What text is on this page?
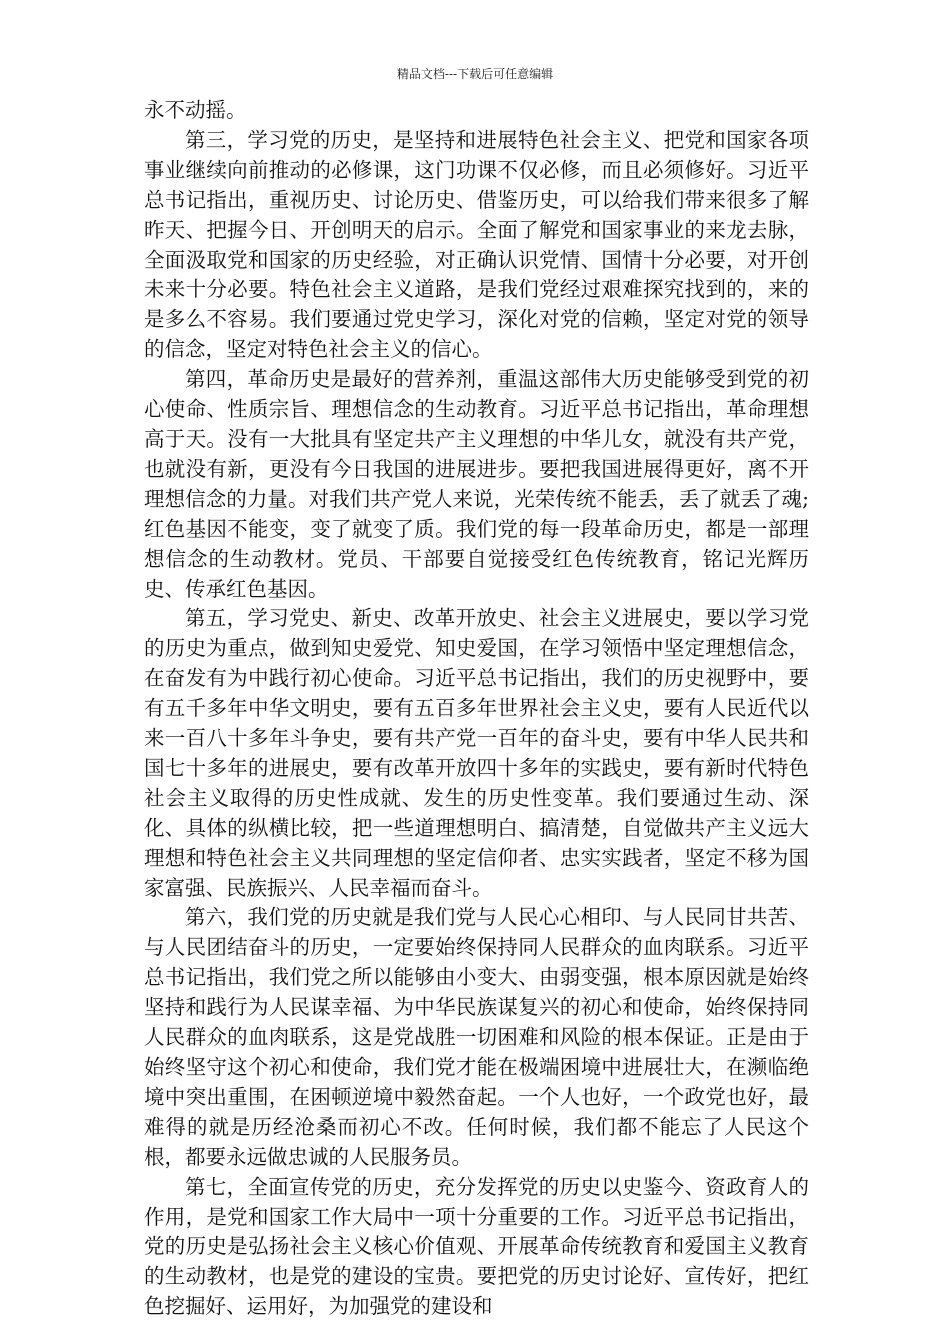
精品文档---下载后可任意编辑

永不动摇。

第三，学习党的历史，是坚持和进展特色社会主义、把党和国家各项事业继续向前推动的必修课，这门功课不仅必修，而且必须修好。习近平总书记指出，重视历史、讨论历史、借鉴历史，可以给我们带来很多了解昨天、把握今日、开创明天的启示。全面了解党和国家事业的来龙去脉，全面汲取党和国家的历史经验，对正确认识党情、国情十分必要，对开创未来十分必要。特色社会主义道路，是我们党经过艰难探究找到的，来的是多么不容易。我们要通过党史学习，深化对党的信赖，坚定对党的领导的信念，坚定对特色社会主义的信心。

第四，革命历史是最好的营养剂，重温这部伟大历史能够受到党的初心使命、性质宗旨、理想信念的生动教育。习近平总书记指出，革命理想高于天。没有一大批具有坚定共产主义理想的中华儿女，就没有共产党，也就没有新，更没有今日我国的进展进步。要把我国进展得更好，离不开理想信念的力量。对我们共产党人来说，光荣传统不能丢，丢了就丢了魂;红色基因不能变，变了就变了质。我们党的每一段革命历史，都是一部理想信念的生动教材。党员、干部要自觉接受红色传统教育，铭记光辉历史、传承红色基因。

第五，学习党史、新史、改革开放史、社会主义进展史，要以学习党的历史为重点，做到知史爱党、知史爱国，在学习领悟中坚定理想信念，在奋发有为中践行初心使命。习近平总书记指出，我们的历史视野中，要有五千多年中华文明史，要有五百多年世界社会主义史，要有人民近代以来一百八十多年斗争史，要有共产党一百年的奋斗史，要有中华人民共和国七十多年的进展史，要有改革开放四十多年的实践史，要有新时代特色社会主义取得的历史性成就、发生的历史性变革。我们要通过生动、深化、具体的纵横比较，把一些道理想明白、搞清楚，自觉做共产主义远大理想和特色社会主义共同理想的坚定信仰者、忠实实践者，坚定不移为国家富强、民族振兴、人民幸福而奋斗。

第六，我们党的历史就是我们党与人民心心相印、与人民同甘共苦、与人民团结奋斗的历史，一定要始终保持同人民群众的血肉联系。习近平总书记指出，我们党之所以能够由小变大、由弱变强，根本原因就是始终坚持和践行为人民谋幸福、为中华民族谋复兴的初心和使命，始终保持同人民群众的血肉联系，这是党战胜一切困难和风险的根本保证。正是由于始终坚守这个初心和使命，我们党才能在极端困境中进展壮大，在濒临绝境中突出重围，在困顿逆境中毅然奋起。一个人也好，一个政党也好，最难得的就是历经沧桑而初心不改。任何时候，我们都不能忘了人民这个根，都要永远做忠诚的人民服务员。

第七，全面宣传党的历史，充分发挥党的历史以史鉴今、资政育人的作用，是党和国家工作大局中一项十分重要的工作。习近平总书记指出，党的历史是弘扬社会主义核心价值观、开展革命传统教育和爱国主义教育的生动教材，也是党的建设的宝贵。要把党的历史讨论好、宣传好，把红色挖掘好、运用好，为加强党的建设和
